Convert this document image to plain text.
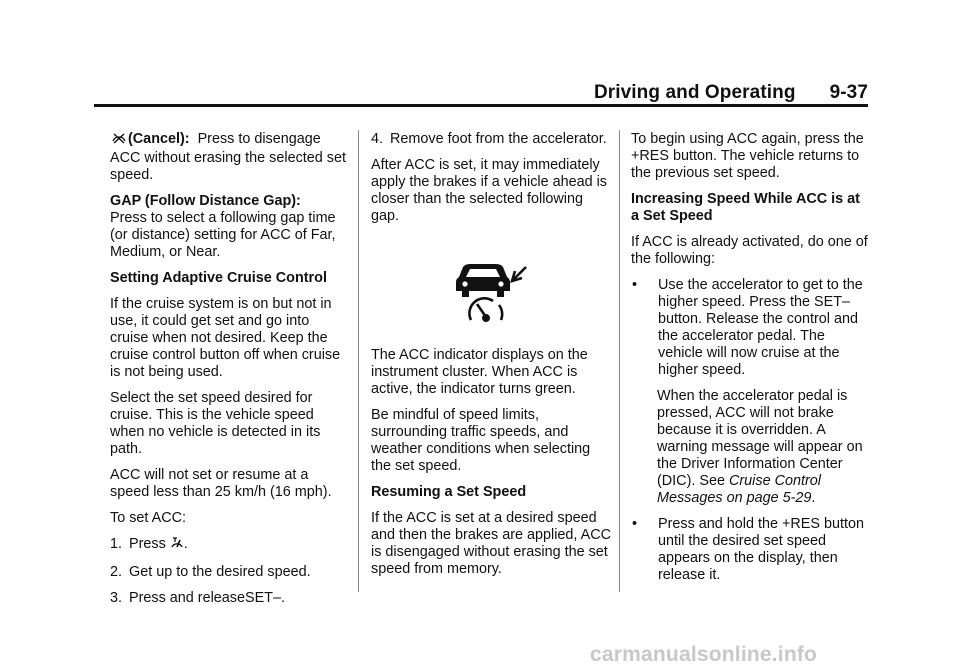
Driving and Operating 9-37

(Cancel): Press to disengage ACC without erasing the selected set speed.

GAP (Follow Distance Gap):
Press to select a following gap time (or distance) setting for ACC of Far, Medium, or Near.

Setting Adaptive Cruise Control

If the cruise system is on but not in use, it could get set and go into cruise when not desired. Keep the cruise control button off when cruise is not being used.

Select the set speed desired for cruise. This is the vehicle speed when no vehicle is detected in its path.

ACC will not set or resume at a speed less than 25 km/h (16 mph).

To set ACC:

1. Press .
2. Get up to the desired speed.
3. Press and releaseSET–.
4. Remove foot from the accelerator.

After ACC is set, it may immediately apply the brakes if a vehicle ahead is closer than the selected following gap.

The ACC indicator displays on the instrument cluster. When ACC is active, the indicator turns green.

Be mindful of speed limits, surrounding traffic speeds, and weather conditions when selecting the set speed.

Resuming a Set Speed

If the ACC is set at a desired speed and then the brakes are applied, ACC is disengaged without erasing the set speed from memory.

To begin using ACC again, press the +RES button. The vehicle returns to the previous set speed.

Increasing Speed While ACC is at a Set Speed

If ACC is already activated, do one of the following:

•	Use the accelerator to get to the higher speed. Press the SET– button. Release the control and the accelerator pedal. The vehicle will now cruise at the higher speed.
When the accelerator pedal is pressed, ACC will not brake because it is overridden. A warning message will appear on the Driver Information Center (DIC). See Cruise Control Messages on page 5-29.
•	Press and hold the +RES button until the desired set speed appears on the display, then release it.
carmanualsonline.info
